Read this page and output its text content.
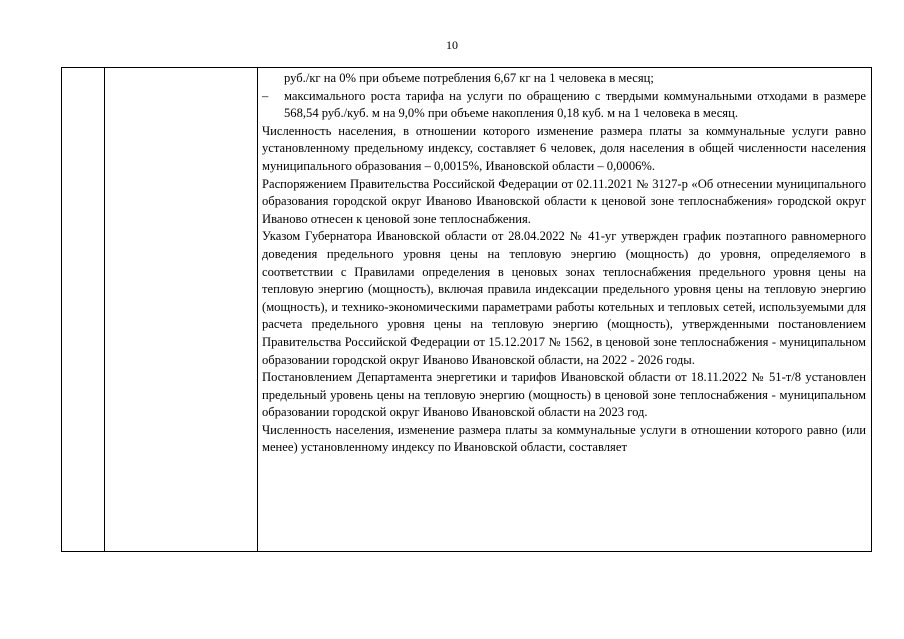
10

руб./кг на 0% при объеме потребления 6,67 кг на 1 человека в месяц;

– максимального роста тарифа на услуги по обращению с твердыми коммунальными отходами в размере 568,54 руб./куб. м на 9,0% при объеме накопления 0,18 куб. м на 1 человека в месяц.

Численность населения, в отношении которого изменение размера платы за коммунальные услуги равно установленному предельному индексу, составляет 6 человек, доля населения в общей численности населения муниципального образования – 0,0015%, Ивановской области – 0,0006%.

Распоряжением Правительства Российской Федерации от 02.11.2021 № 3127-р «Об отнесении муниципального образования городской округ Иваново Ивановской области к ценовой зоне теплоснабжения» городской округ Иваново отнесен к ценовой зоне теплоснабжения.

Указом Губернатора Ивановской области от 28.04.2022 № 41-уг утвержден график поэтапного равномерного доведения предельного уровня цены на тепловую энергию (мощность) до уровня, определяемого в соответствии с Правилами определения в ценовых зонах теплоснабжения предельного уровня цены на тепловую энергию (мощность), включая правила индексации предельного уровня цены на тепловую энергию (мощность), и технико-экономическими параметрами работы котельных и тепловых сетей, используемыми для расчета предельного уровня цены на тепловую энергию (мощность), утвержденными постановлением Правительства Российской Федерации от 15.12.2017 № 1562, в ценовой зоне теплоснабжения - муниципальном образовании городской округ Иваново Ивановской области, на 2022 - 2026 годы.

Постановлением Департамента энергетики и тарифов Ивановской области от 18.11.2022 № 51-т/8 установлен предельный уровень цены на тепловую энергию (мощность) в ценовой зоне теплоснабжения - муниципальном образовании городской округ Иваново Ивановской области на 2023 год.

Численность населения, изменение размера платы за коммунальные услуги в отношении которого равно (или менее) установленному индексу по Ивановской области, составляет
